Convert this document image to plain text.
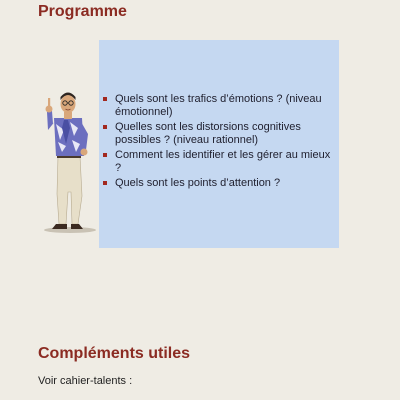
Programme
Quels sont les trafics d’émotions ? (niveau émotionnel)
Quelles sont les distorsions cognitives possibles ? (niveau rationnel)
Comment les identifier et les gérer au mieux ?
Quels sont les points d’attention ?
Compléments utiles
Voir cahier-talents :
